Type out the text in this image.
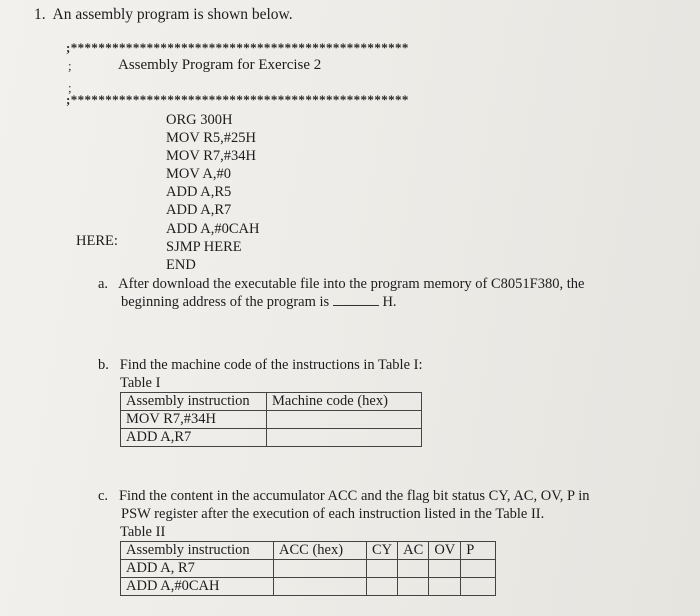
1. An assembly program is shown below.
;*************************************************
;	Assembly Program for Exercise 2
;
;*************************************************
ORG 300H
MOV R5,#25H
MOV R7,#34H
MOV A,#0
ADD A,R5
ADD A,R7
ADD A,#0CAH
SJMP HERE
END
HERE:
a. After download the executable file into the program memory of C8051F380, the
beginning address of the program is	H.
b. Find the machine code of the instructions in Table I:
Table I
Assembly instruction	Machine code (hex)
MOV R7,#34H	
ADD A,R7	
c. Find the content in the accumulator ACC and the flag bit status CY, AC, OV, P in
PSW register after the execution of each instruction listed in the Table II.
Table II
Assembly instruction	ACC (hex)	CY	AC	OV	P
ADD A, R7					
ADD A,#0CAH					
